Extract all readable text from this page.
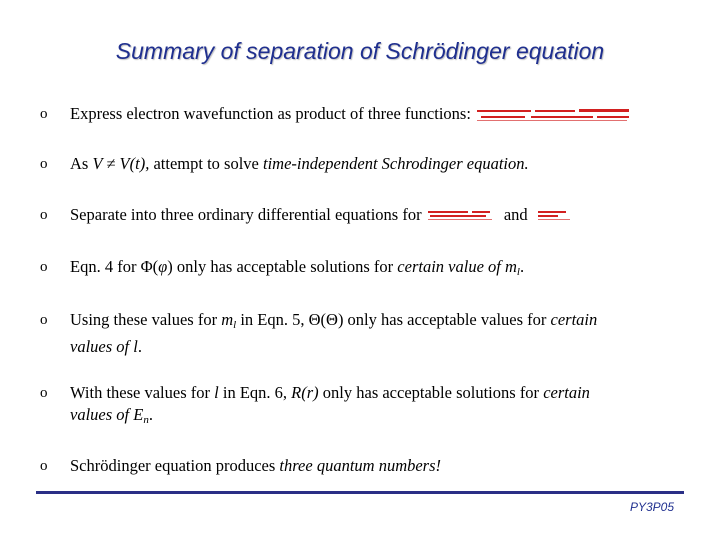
Summary of separation of Schrödinger equation
o Express electron wavefunction as product of three functions:
o As V ≠ V(t), attempt to solve time-independent Schrodinger equation.
o Separate into three ordinary differential equations for	and
o Eqn. 4 for Φ(φ) only has acceptable solutions for certain value of $m_l$.
o Using these values for $m_l$ in Eqn. 5, Θ(Θ) only has acceptable values for certain
values of l.
o With these values for l in Eqn. 6, R(r) only has acceptable solutions for certain
values of $E_n$.
o Schrödinger equation produces three quantum numbers!
PY3P05
